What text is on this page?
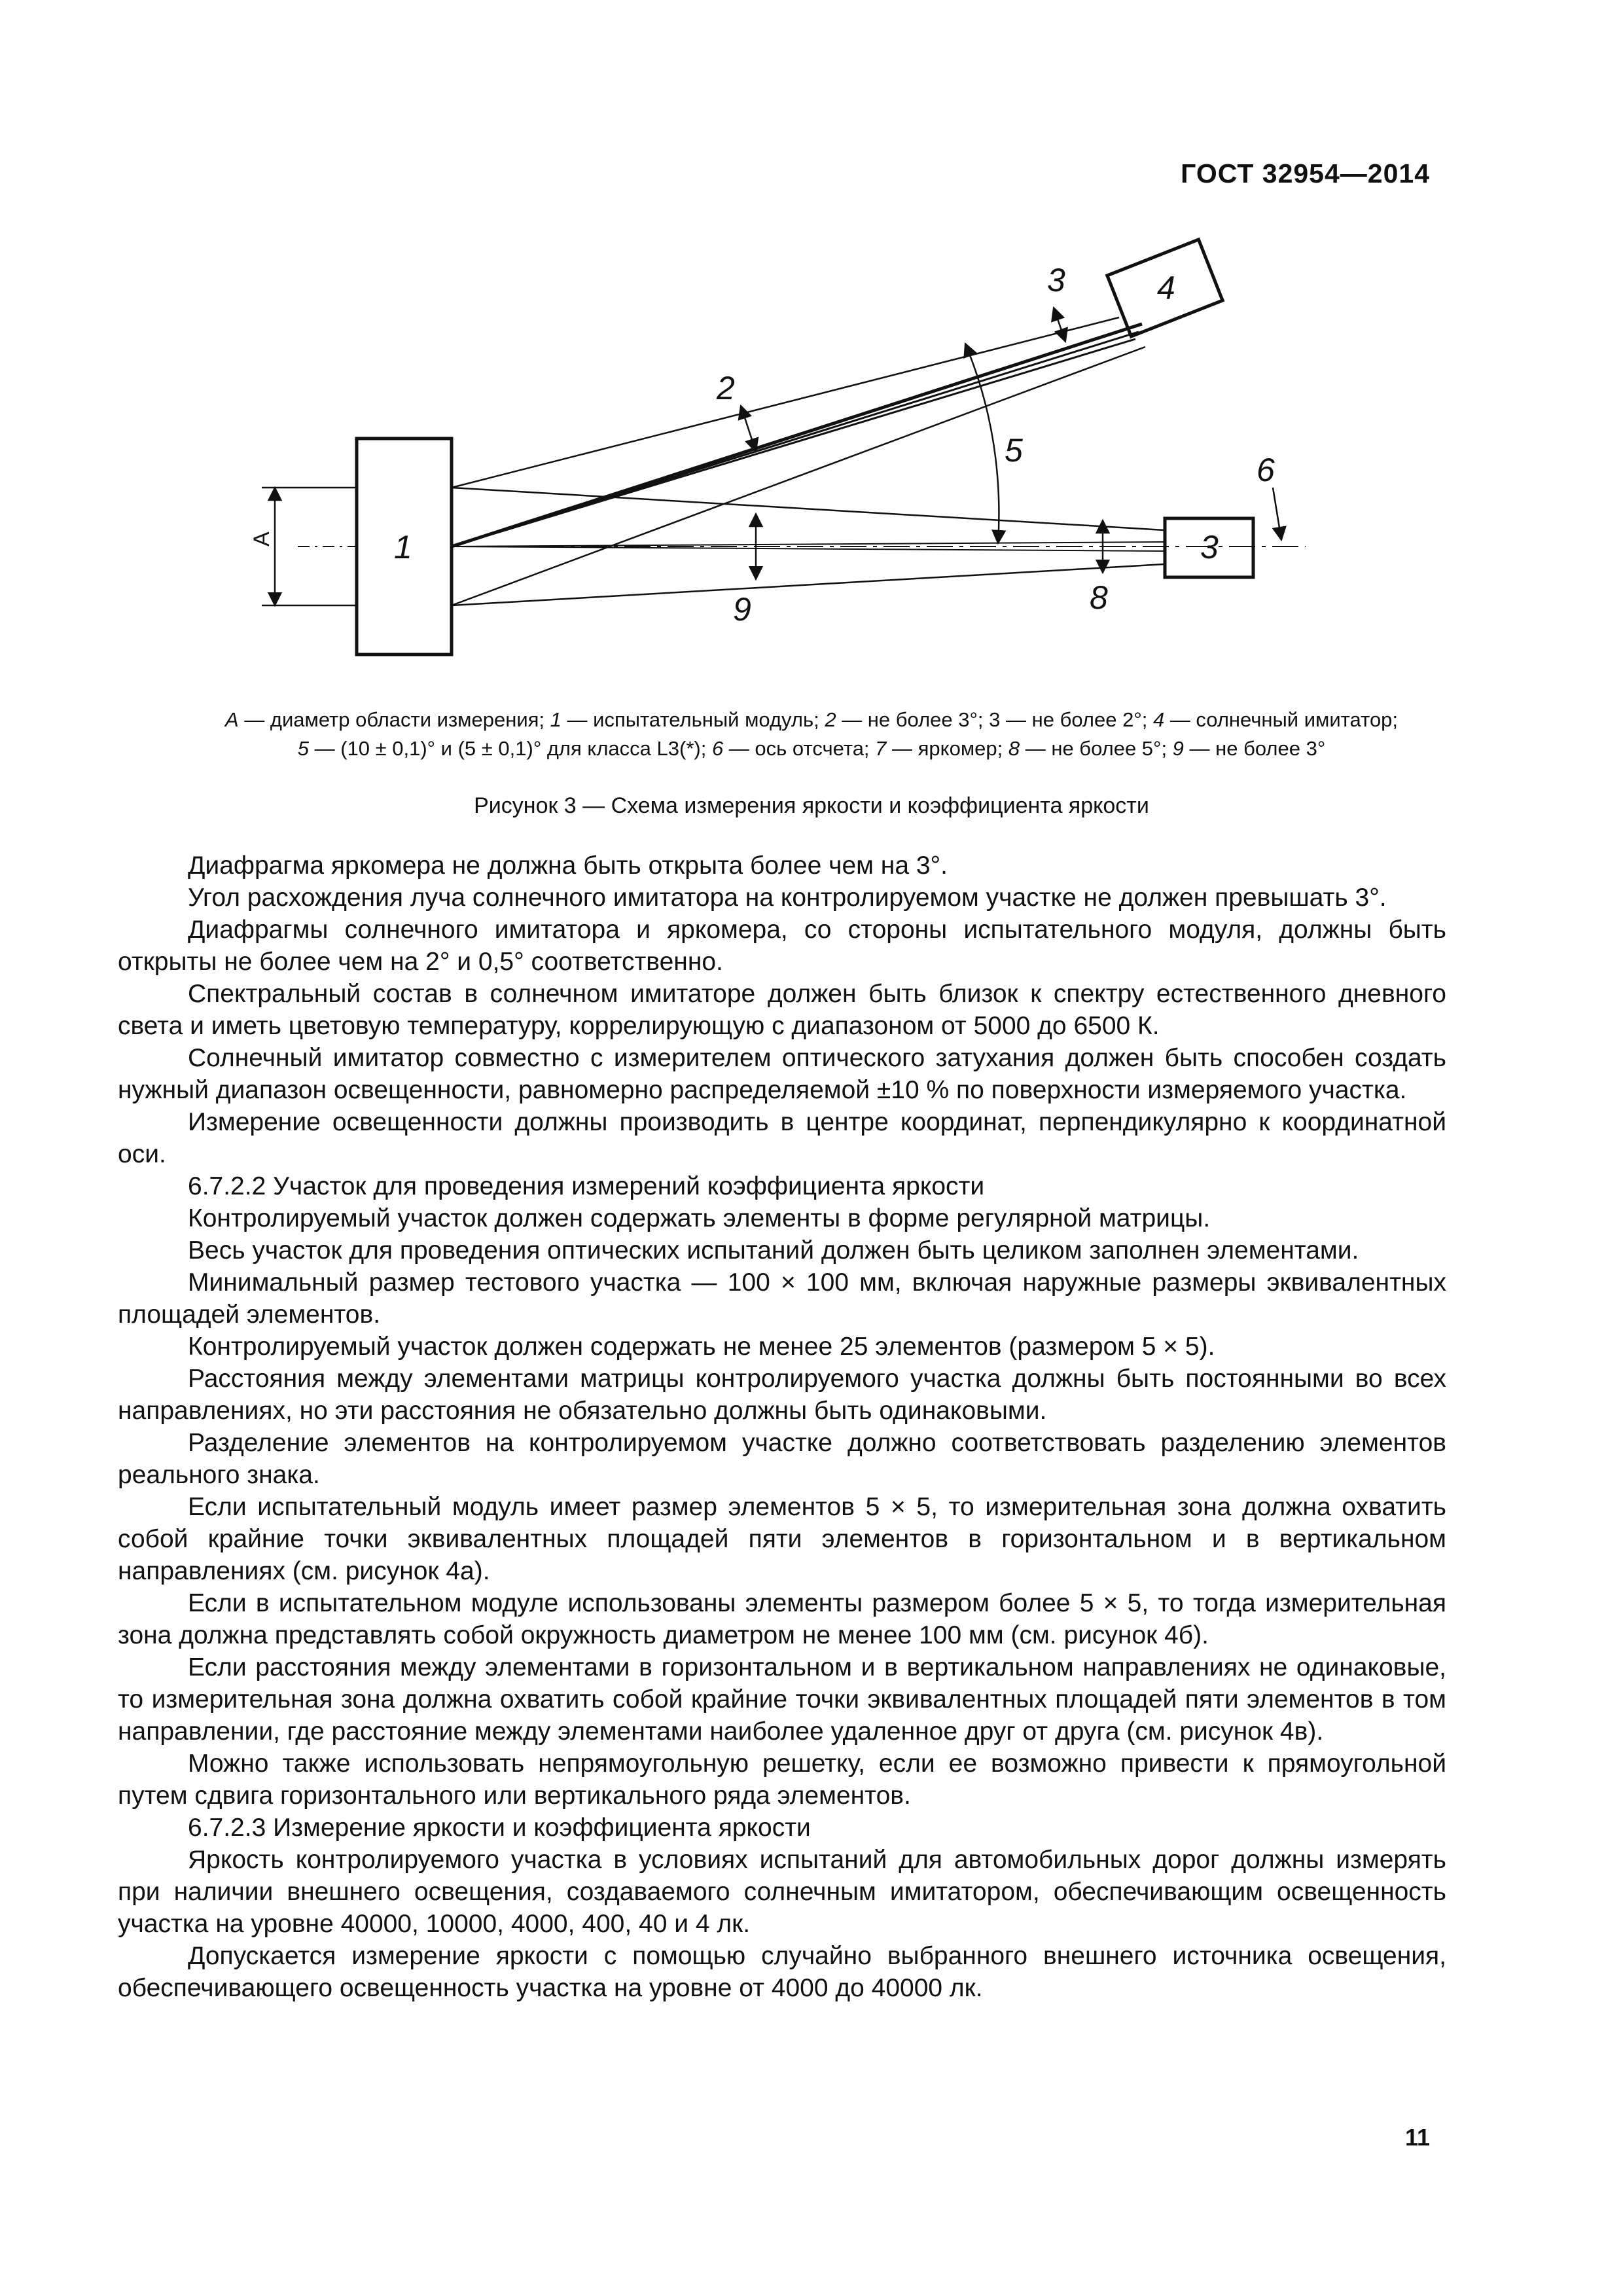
ГОСТ 32954—2014
1
4
3
3
2
5
6
8
9
A
A — диаметр области измерения; 1 — испытательный модуль; 2 — не более 3°; 3 — не более 2°; 4 — солнечный имитатор;
5 — (10 ± 0,1)° и (5 ± 0,1)° для класса L3(*); 6 — ось отсчета; 7 — яркомер; 8 — не более 5°; 9 — не более 3°
Рисунок 3 — Схема измерения яркости и коэффициента яркости

Диафрагма яркомера не должна быть открыта более чем на 3°.

Угол расхождения луча солнечного имитатора на контролируемом участке не должен превышать 3°.

Диафрагмы солнечного имитатора и яркомера, со стороны испытательного модуля, должны быть открыты не более чем на 2° и 0,5° соответственно.

Спектральный состав в солнечном имитаторе должен быть близок к спектру естественного дневного света и иметь цветовую температуру, коррелирующую с диапазоном от 5000 до 6500 К.

Солнечный имитатор совместно с измерителем оптического затухания должен быть способен создать нужный диапазон освещенности, равномерно распределяемой ±10 % по поверхности измеряемого участка.

Измерение освещенности должны производить в центре координат, перпендикулярно к координатной оси.

6.7.2.2 Участок для проведения измерений коэффициента яркости

Контролируемый участок должен содержать элементы в форме регулярной матрицы.

Весь участок для проведения оптических испытаний должен быть целиком заполнен элементами.

Минимальный размер тестового участка — 100 × 100 мм, включая наружные размеры эквивалентных площадей элементов.

Контролируемый участок должен содержать не менее 25 элементов (размером 5 × 5).

Расстояния между элементами матрицы контролируемого участка должны быть постоянными во всех направлениях, но эти расстояния не обязательно должны быть одинаковыми.

Разделение элементов на контролируемом участке должно соответствовать разделению элементов реального знака.

Если испытательный модуль имеет размер элементов 5 × 5, то измерительная зона должна охватить собой крайние точки эквивалентных площадей пяти элементов в горизонтальном и в вертикальном направлениях (см. рисунок 4а).

Если в испытательном модуле использованы элементы размером более 5 × 5, то тогда измерительная зона должна представлять собой окружность диаметром не менее 100 мм (см. рисунок 4б).

Если расстояния между элементами в горизонтальном и в вертикальном направлениях не одинаковые, то измерительная зона должна охватить собой крайние точки эквивалентных площадей пяти элементов в том направлении, где расстояние между элементами наиболее удаленное друг от друга (см. рисунок 4в).

Можно также использовать непрямоугольную решетку, если ее возможно привести к прямоугольной путем сдвига горизонтального или вертикального ряда элементов.

6.7.2.3 Измерение яркости и коэффициента яркости

Яркость контролируемого участка в условиях испытаний для автомобильных дорог должны измерять при наличии внешнего освещения, создаваемого солнечным имитатором, обеспечивающим освещенность участка на уровне 40000, 10000, 4000, 400, 40 и 4 лк.

Допускается измерение яркости с помощью случайно выбранного внешнего источника освещения, обеспечивающего освещенность участка на уровне от 4000 до 40000 лк.

11
